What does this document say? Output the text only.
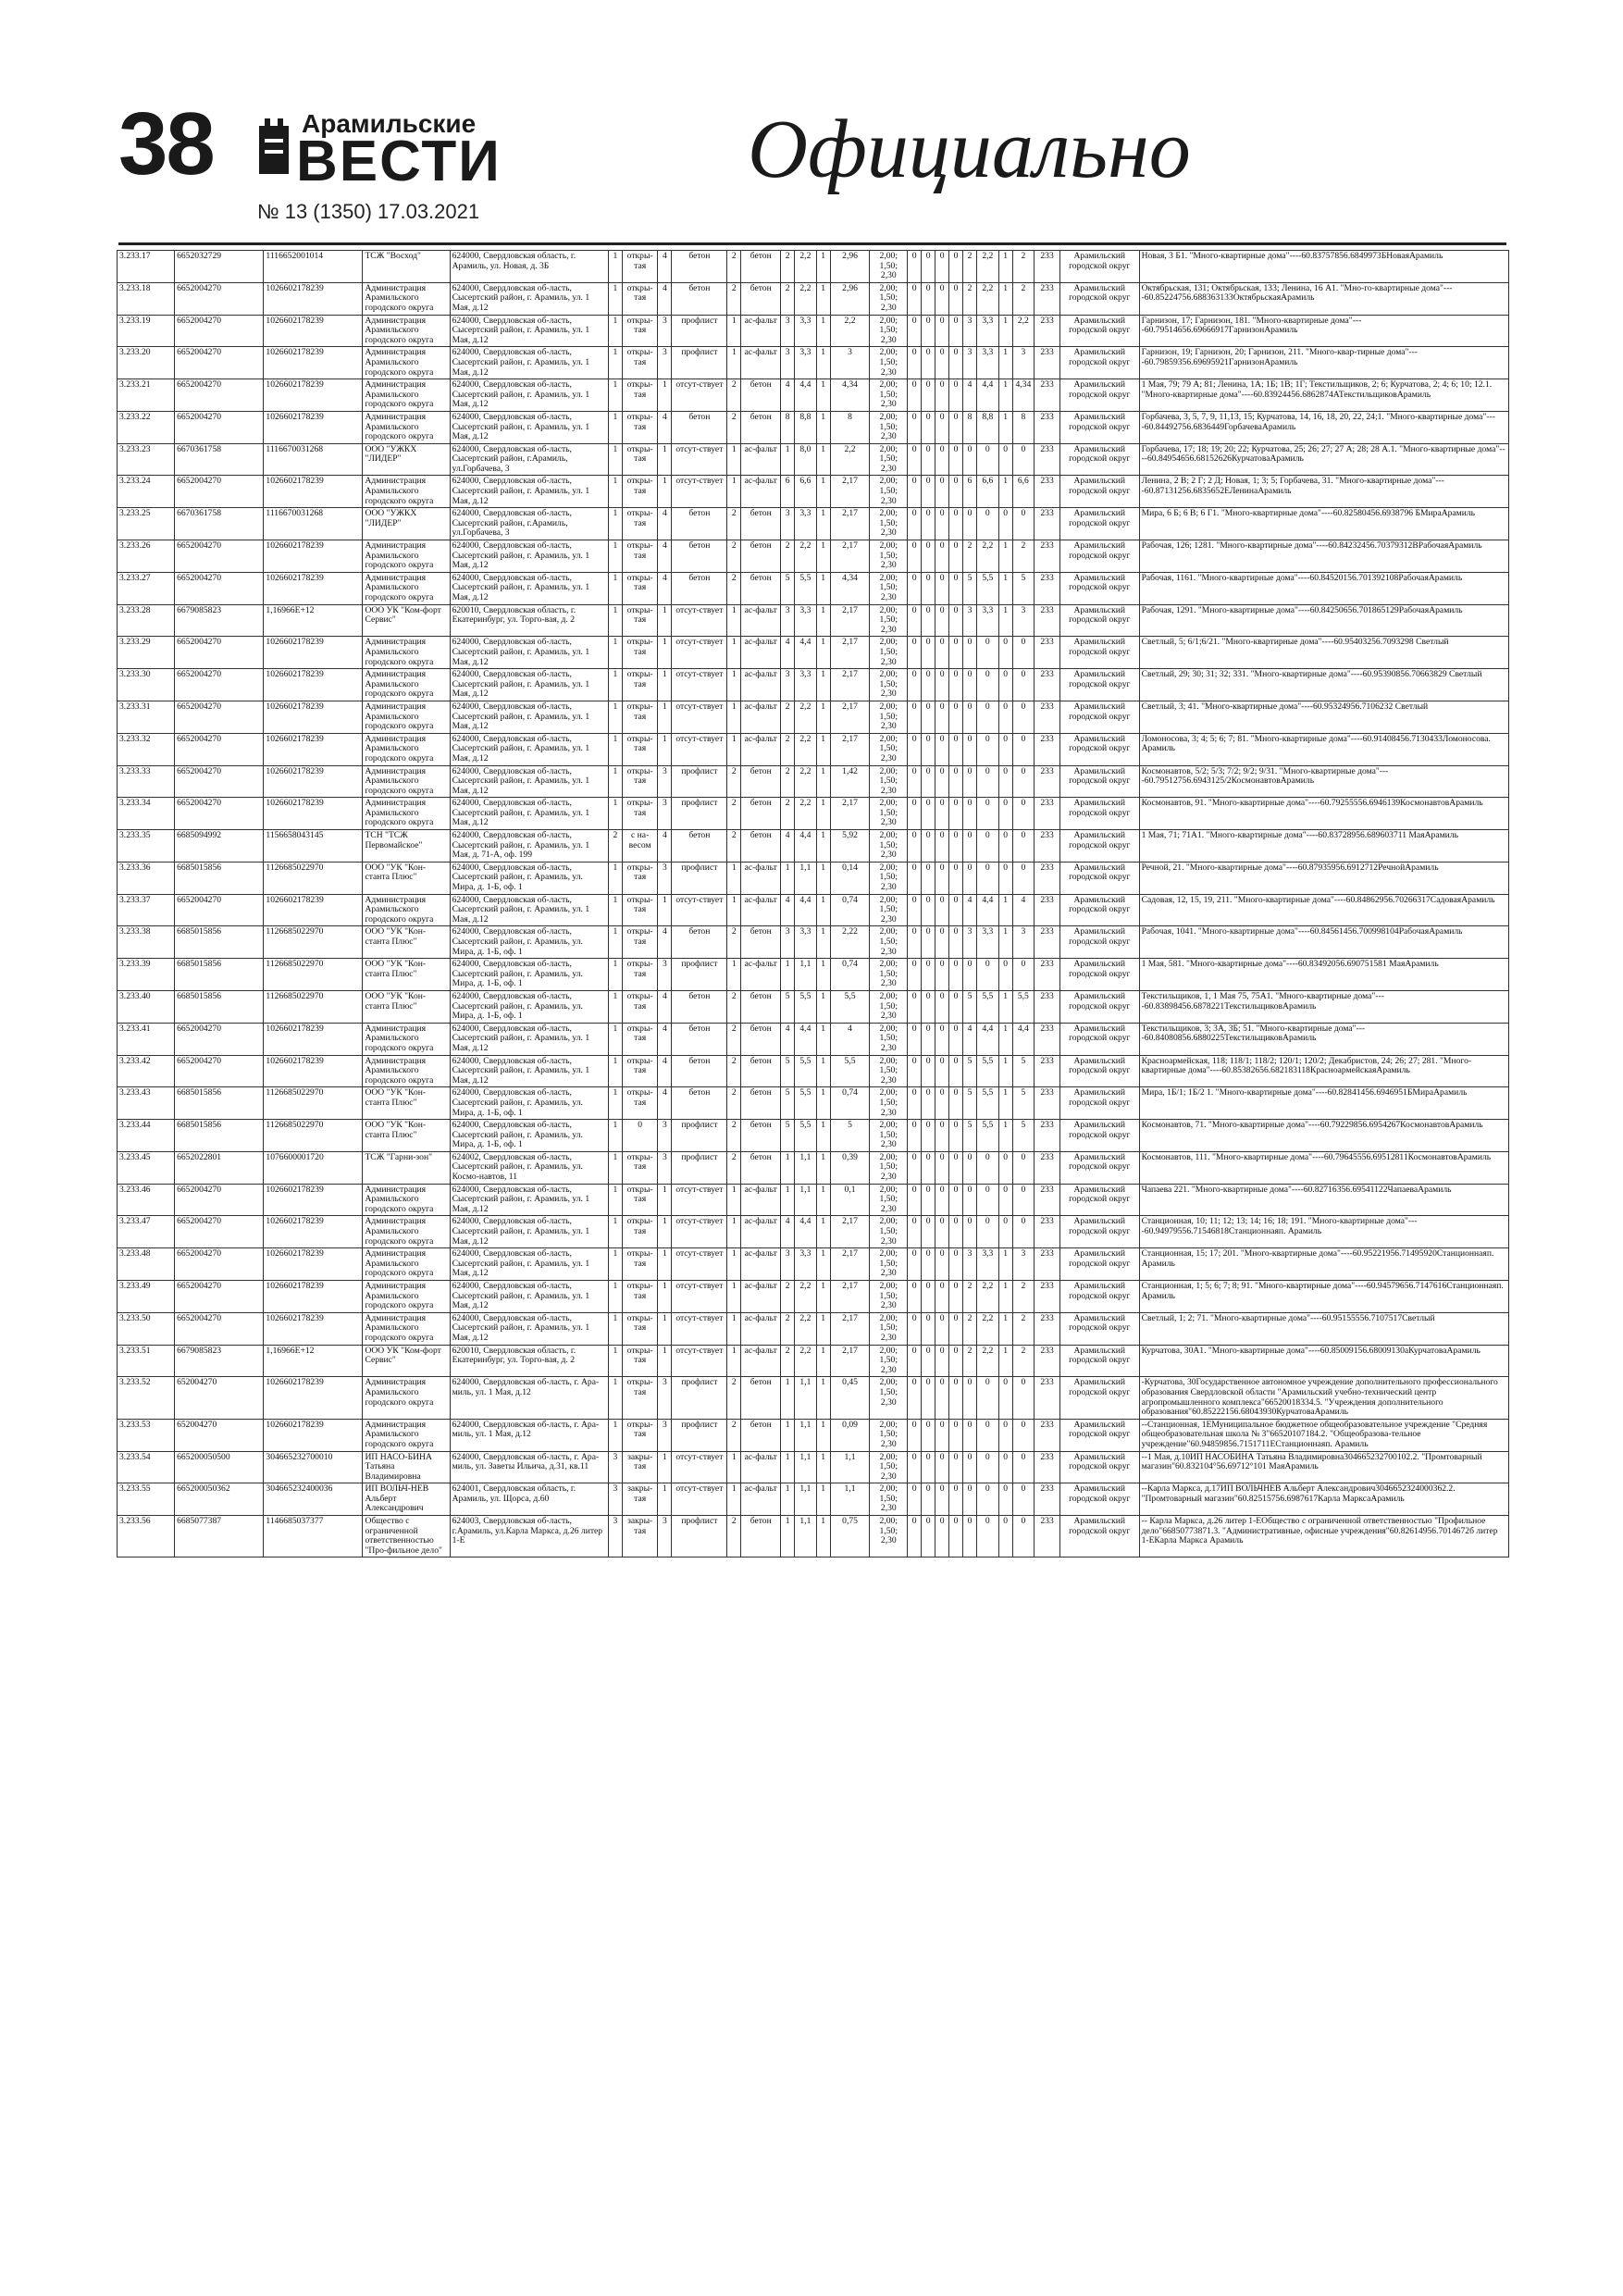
38	Арамильские
ВЕСТИ
№ 13 (1350) 17.03.2021
Официально
3.233.17	6652032729	1116652001014	ТСЖ "Восход"	624000, Свердловская область, г. Арамиль, ул. Новая, д. 3Б	1	откры-тая	4	бетон	2	бетон	2	2,2	1	2,96	2,00; 1,50; 2,30	0	0	0	0	2	2,2	1	2	233	Арамильский городской округ	Новая, 3 Б1. "Много-квартирные дома"----60.83757856.6849973БНоваяАрамиль
3.233.18	6652004270	1026602178239	Администрация Арамильского городского округа	624000, Свердловская об-ласть, Сысертский район, г. Арамиль, ул. 1 Мая, д.12	1	откры-тая	4	бетон	2	бетон	2	2,2	1	2,96	2,00; 1,50; 2,30	0	0	0	0	2	2,2	1	2	233	Арамильский городской округ	Октябрьская, 131; Октябрьская, 133; Ленина, 16 А1. "Мно-го-квартирные дома"----60.85224756.688363133ОктябрьскаяАрамиль
3.233.19	6652004270	1026602178239	Администрация Арамильского городского округа	624000, Свердловская об-ласть, Сысертский район, г. Арамиль, ул. 1 Мая, д.12	1	откры-тая	3	профлист	1	ас-фальт	3	3,3	1	2,2	2,00; 1,50; 2,30	0	0	0	0	3	3,3	1	2,2	233	Арамильский городской округ	Гарнизон, 17; Гарнизон, 181. "Много-квартирные дома"----60.79514656.69666917ГарнизонАрамиль
3.233.20	6652004270	1026602178239	Администрация Арамильского городского округа	624000, Свердловская об-ласть, Сысертский район, г. Арамиль, ул. 1 Мая, д.12	1	откры-тая	3	профлист	1	ас-фальт	3	3,3	1	3	2,00; 1,50; 2,30	0	0	0	0	3	3,3	1	3	233	Арамильский городской округ	Гарнизон, 19; Гарнизон, 20; Гарнизон, 211. "Много-квар-тирные дома"----60.79859356.69695921ГарнизонАрамиль
3.233.21	6652004270	1026602178239	Администрация Арамильского городского округа	624000, Свердловская об-ласть, Сысертский район, г. Арамиль, ул. 1 Мая, д.12	1	откры-тая	1	отсут-ствует	2	бетон	4	4,4	1	4,34	2,00; 1,50; 2,30	0	0	0	0	4	4,4	1	4,34	233	Арамильский городской округ	1 Мая, 79; 79 А; 81; Ленина, 1А; 1Б; 1В; 1Г; Текстильщиков, 2; 6; Курчатова, 2; 4; 6; 10; 12.1. "Много-квартирные дома"----60.83924456.6862874АТекстильщиковАрамиль
3.233.22	6652004270	1026602178239	Администрация Арамильского городского округа	624000, Свердловская об-ласть, Сысертский район, г. Арамиль, ул. 1 Мая, д.12	1	откры-тая	4	бетон	2	бетон	8	8,8	1	8	2,00; 1,50; 2,30	0	0	0	0	8	8,8	1	8	233	Арамильский городской округ	Горбачева, 3, 5, 7, 9, 11,13, 15; Курчатова, 14, 16, 18, 20, 22, 24;1. "Много-квартирные дома"----60.84492756.6836449ГорбачеваАрамиль
3.233.23	6670361758	1116670031268	ООО "УЖКХ "ЛИДЕР"	624000, Свердловская об-ласть, Сысертский район, г.Арамиль, ул.Горбачева, 3	1	откры-тая	1	отсут-ствует	1	ас-фальт	1	8,0	1	2,2	2,00; 1,50; 2,30	0	0	0	0	0	0	0	0	233	Арамильский городской округ	Горбачева, 17; 18; 19; 20; 22; Курчатова, 25; 26; 27; 27 А; 28; 28 А.1. "Много-квартирные дома"----60.84954656.68152626КурчатоваАрамиль
3.233.24	6652004270	1026602178239	Администрация Арамильского городского округа	624000, Свердловская об-ласть, Сысертский район, г. Арамиль, ул. 1 Мая, д.12	1	откры-тая	1	отсут-ствует	1	ас-фальт	6	6,6	1	2,17	2,00; 1,50; 2,30	0	0	0	0	6	6,6	1	6,6	233	Арамильский городской округ	Ленина, 2 В; 2 Г; 2 Д; Новая, 1; 3; 5; Горбачева, 31. "Много-квартирные дома"----60.87131256.6835652ЕЛенинаАрамиль
3.233.25	6670361758	1116670031268	ООО "УЖКХ "ЛИДЕР"	624000, Свердловская об-ласть, Сысертский район, г.Арамиль, ул.Горбачева, 3	1	откры-тая	4	бетон	2	бетон	3	3,3	1	2,17	2,00; 1,50; 2,30	0	0	0	0	0	0	0	0	233	Арамильский городской округ	Мира, 6 Б; 6 В; 6 Г1. "Много-квартирные дома"----60.82580456.6938796 БМираАрамиль
3.233.26	6652004270	1026602178239	Администрация Арамильского городского округа	624000, Свердловская об-ласть, Сысертский район, г. Арамиль, ул. 1 Мая, д.12	1	откры-тая	4	бетон	2	бетон	2	2,2	1	2,17	2,00; 1,50; 2,30	0	0	0	0	2	2,2	1	2	233	Арамильский городской округ	Рабочая, 126; 1281. "Много-квартирные дома"----60.84232456.70379312ВРабочаяАрамиль
3.233.27	6652004270	1026602178239	Администрация Арамильского городского округа	624000, Свердловская об-ласть, Сысертский район, г. Арамиль, ул. 1 Мая, д.12	1	откры-тая	4	бетон	2	бетон	5	5,5	1	4,34	2,00; 1,50; 2,30	0	0	0	0	5	5,5	1	5	233	Арамильский городской округ	Рабочая, 1161. "Много-квартирные дома"----60.84520156.701392108РабочаяАрамиль
3.233.28	6679085823	1,16966E+12	ООО УК "Ком-форт Сервис"	620010, Свердловская область, г. Екатеринбург, ул. Торго-вая, д. 2	1	откры-тая	1	отсут-ствует	1	ас-фальт	3	3,3	1	2,17	2,00; 1,50; 2,30	0	0	0	0	3	3,3	1	3	233	Арамильский городской округ	Рабочая, 1291. "Много-квартирные дома"----60.84250656.701865129РабочаяАрамиль
3.233.29	6652004270	1026602178239	Администрация Арамильского городского округа	624000, Свердловская об-ласть, Сысертский район, г. Арамиль, ул. 1 Мая, д.12	1	откры-тая	1	отсут-ствует	1	ас-фальт	4	4,4	1	2,17	2,00; 1,50; 2,30	0	0	0	0	0	0	0	0	233	Арамильский городской округ	Светлый, 5; 6/1;6/21. "Много-квартирные дома"----60.95403256.7093298 Светлый
3.233.30	6652004270	1026602178239	Администрация Арамильского городского округа	624000, Свердловская об-ласть, Сысертский район, г. Арамиль, ул. 1 Мая, д.12	1	откры-тая	1	отсут-ствует	1	ас-фальт	3	3,3	1	2,17	2,00; 1,50; 2,30	0	0	0	0	0	0	0	0	233	Арамильский городской округ	Светлый, 29; 30; 31; 32; 331. "Много-квартирные дома"----60.95390856.70663829 Светлый
3.233.31	6652004270	1026602178239	Администрация Арамильского городского округа	624000, Свердловская об-ласть, Сысертский район, г. Арамиль, ул. 1 Мая, д.12	1	откры-тая	1	отсут-ствует	1	ас-фальт	2	2,2	1	2,17	2,00; 1,50; 2,30	0	0	0	0	0	0	0	0	233	Арамильский городской округ	Светлый, 3; 41. "Много-квартирные дома"----60.95324956.7106232 Светлый
3.233.32	6652004270	1026602178239	Администрация Арамильского городского округа	624000, Свердловская об-ласть, Сысертский район, г. Арамиль, ул. 1 Мая, д.12	1	откры-тая	1	отсут-ствует	1	ас-фальт	2	2,2	1	2,17	2,00; 1,50; 2,30	0	0	0	0	0	0	0	0	233	Арамильский городской округ	Ломоносова, 3; 4; 5; 6; 7; 81. "Много-квартирные дома"----60.91408456.7130433Ломоносова. Арамиль
3.233.33	6652004270	1026602178239	Администрация Арамильского городского округа	624000, Свердловская об-ласть, Сысертский район, г. Арамиль, ул. 1 Мая, д.12	1	откры-тая	3	профлист	2	бетон	2	2,2	1	1,42	2,00; 1,50; 2,30	0	0	0	0	0	0	0	0	233	Арамильский городской округ	Космонавтов, 5/2; 5/3; 7/2; 9/2; 9/31. "Много-квартирные дома"----60.79512756.6943125/2КосмонавтовАрамиль
3.233.34	6652004270	1026602178239	Администрация Арамильского городского округа	624000, Свердловская об-ласть, Сысертский район, г. Арамиль, ул. 1 Мая, д.12	1	откры-тая	3	профлист	2	бетон	2	2,2	1	2,17	2,00; 1,50; 2,30	0	0	0	0	0	0	0	0	233	Арамильский городской округ	Космонавтов, 91. "Много-квартирные дома"----60.79255556.6946139КосмонавтовАрамиль
3.233.35	6685094992	1156658043145	ТСН "ТСЖ Первомайское"	624000, Свердловская об-ласть, Сысертский район, г. Арамиль, ул. 1 Мая, д. 71-А, оф. 199	2	с на-весом	4	бетон	2	бетон	4	4,4	1	5,92	2,00; 1,50; 2,30	0	0	0	0	0	0	0	0	233	Арамильский городской округ	1 Мая, 71; 71А1. "Много-квартирные дома"----60.83728956.689603711 МаяАрамиль
3.233.36	6685015856	1126685022970	ООО "УК "Кон-станта Плюс"	624000, Свердловская об-ласть, Сысертский район, г. Арамиль, ул. Мира, д. 1-Б, оф. 1	1	откры-тая	3	профлист	1	ас-фальт	1	1,1	1	0,14	2,00; 1,50; 2,30	0	0	0	0	0	0	0	0	233	Арамильский городской округ	Речной, 21. "Много-квартирные дома"----60.87935956.6912712РечнойАрамиль
3.233.37	6652004270	1026602178239	Администрация Арамильского городского округа	624000, Свердловская об-ласть, Сысертский район, г. Арамиль, ул. 1 Мая, д.12	1	откры-тая	1	отсут-ствует	1	ас-фальт	4	4,4	1	0,74	2,00; 1,50; 2,30	0	0	0	0	4	4,4	1	4	233	Арамильский городской округ	Садовая, 12, 15, 19, 211. "Много-квартирные дома"----60.84862956.70266317СадоваяАрамиль
3.233.38	6685015856	1126685022970	ООО "УК "Кон-станта Плюс"	624000, Свердловская об-ласть, Сысертский район, г. Арамиль, ул. Мира, д. 1-Б, оф. 1	1	откры-тая	4	бетон	2	бетон	3	3,3	1	2,22	2,00; 1,50; 2,30	0	0	0	0	3	3,3	1	3	233	Арамильский городской округ	Рабочая, 1041. "Много-квартирные дома"----60.84561456.700998104РабочаяАрамиль
3.233.39	6685015856	1126685022970	ООО "УК "Кон-станта Плюс"	624000, Свердловская об-ласть, Сысертский район, г. Арамиль, ул. Мира, д. 1-Б, оф. 1	1	откры-тая	3	профлист	1	ас-фальт	1	1,1	1	0,74	2,00; 1,50; 2,30	0	0	0	0	0	0	0	0	233	Арамильский городской округ	1 Мая, 581. "Много-квартирные дома"----60.83492056.690751581 МаяАрамиль
3.233.40	6685015856	1126685022970	ООО "УК "Кон-станта Плюс"	624000, Свердловская об-ласть, Сысертский район, г. Арамиль, ул. Мира, д. 1-Б, оф. 1	1	откры-тая	4	бетон	2	бетон	5	5,5	1	5,5	2,00; 1,50; 2,30	0	0	0	0	5	5,5	1	5,5	233	Арамильский городской округ	Текстильщиков, 1, 1 Мая 75, 75А1. "Много-квартирные дома"----60.83898456.6878221ТекстильщиковАрамиль
3.233.41	6652004270	1026602178239	Администрация Арамильского городского округа	624000, Свердловская об-ласть, Сысертский район, г. Арамиль, ул. 1 Мая, д.12	1	откры-тая	4	бетон	2	бетон	4	4,4	1	4	2,00; 1,50; 2,30	0	0	0	0	4	4,4	1	4,4	233	Арамильский городской округ	Текстильщиков, 3; 3А, 3Б; 51. "Много-квартирные дома"----60.84080856.6880225ТекстильщиковАрамиль
3.233.42	6652004270	1026602178239	Администрация Арамильского городского округа	624000, Свердловская об-ласть, Сысертский район, г. Арамиль, ул. 1 Мая, д.12	1	откры-тая	4	бетон	2	бетон	5	5,5	1	5,5	2,00; 1,50; 2,30	0	0	0	0	5	5,5	1	5	233	Арамильский городской округ	Красноармейская, 118; 118/1; 118/2; 120/1; 120/2; Декабристов, 24; 26; 27; 281. "Много-квартирные дома"----60.85382656.682183118КрасноармейскаяАрамиль
3.233.43	6685015856	1126685022970	ООО "УК "Кон-станта Плюс"	624000, Свердловская об-ласть, Сысертский район, г. Арамиль, ул. Мира, д. 1-Б, оф. 1	1	откры-тая	4	бетон	2	бетон	5	5,5	1	0,74	2,00; 1,50; 2,30	0	0	0	0	5	5,5	1	5	233	Арамильский городской округ	Мира, 1Б/1; 1Б/2 1. "Много-квартирные дома"----60.82841456.6946951БМираАрамиль
3.233.44	6685015856	1126685022970	ООО "УК "Кон-станта Плюс"	624000, Свердловская об-ласть, Сысертский район, г. Арамиль, ул. Мира, д. 1-Б, оф. 1	1	0	3	профлист	2	бетон	5	5,5	1	5	2,00; 1,50; 2,30	0	0	0	0	5	5,5	1	5	233	Арамильский городской округ	Космонавтов, 71. "Много-квартирные дома"----60.79229856.6954267КосмонавтовАрамиль
3.233.45	6652022801	1076600001720	ТСЖ "Гарни-зон"	624002, Свердловская об-ласть, Сысертский район, г. Арамиль, ул. Космо-навтов, 11	1	откры-тая	3	профлист	2	бетон	1	1,1	1	0,39	2,00; 1,50; 2,30	0	0	0	0	0	0	0	0	233	Арамильский городской округ	Космонавтов, 111. "Много-квартирные дома"----60.79645556.69512811КосмонавтовАрамиль
3.233.46	6652004270	1026602178239	Администрация Арамильского городского округа	624000, Свердловская об-ласть, Сысертский район, г. Арамиль, ул. 1 Мая, д.12	1	откры-тая	1	отсут-ствует	1	ас-фальт	1	1,1	1	0,1	2,00; 1,50; 2,30	0	0	0	0	0	0	0	0	233	Арамильский городской округ	Чапаева 221. "Много-квартирные дома"----60.82716356.69541122ЧапаеваАрамиль
3.233.47	6652004270	1026602178239	Администрация Арамильского городского округа	624000, Свердловская об-ласть, Сысертский район, г. Арамиль, ул. 1 Мая, д.12	1	откры-тая	1	отсут-ствует	1	ас-фальт	4	4,4	1	2,17	2,00; 1,50; 2,30	0	0	0	0	0	0	0	0	233	Арамильский городской округ	Станционная, 10; 11; 12; 13; 14; 16; 18; 191. "Много-квартирные дома"----60.94979556.71546818Станционнаяп. Арамиль
3.233.48	6652004270	1026602178239	Администрация Арамильского городского округа	624000, Свердловская об-ласть, Сысертский район, г. Арамиль, ул. 1 Мая, д.12	1	откры-тая	1	отсут-ствует	1	ас-фальт	3	3,3	1	2,17	2,00; 1,50; 2,30	0	0	0	0	3	3,3	1	3	233	Арамильский городской округ	Станционная, 15; 17; 201. "Много-квартирные дома"----60.95221956.71495920Станционнаяп. Арамиль
3.233.49	6652004270	1026602178239	Администрация Арамильского городского округа	624000, Свердловская об-ласть, Сысертский район, г. Арамиль, ул. 1 Мая, д.12	1	откры-тая	1	отсут-ствует	1	ас-фальт	2	2,2	1	2,17	2,00; 1,50; 2,30	0	0	0	0	2	2,2	1	2	233	Арамильский городской округ	Станционная, 1; 5; 6; 7; 8; 91. "Много-квартирные дома"----60.94579656.7147616Станционнаяп. Арамиль
3.233.50	6652004270	1026602178239	Администрация Арамильского городского округа	624000, Свердловская об-ласть, Сысертский район, г. Арамиль, ул. 1 Мая, д.12	1	откры-тая	1	отсут-ствует	1	ас-фальт	2	2,2	1	2,17	2,00; 1,50; 2,30	0	0	0	0	2	2,2	1	2	233	Арамильский городской округ	Светлый, 1; 2; 71. "Много-квартирные дома"----60.95155556.7107517Светлый
3.233.51	6679085823	1,16966E+12	ООО УК "Ком-форт Сервис"	620010, Свердловская область, г. Екатеринбург, ул. Торго-вая, д. 2	1	откры-тая	1	отсут-ствует	1	ас-фальт	2	2,2	1	2,17	2,00; 1,50; 2,30	0	0	0	0	2	2,2	1	2	233	Арамильский городской округ	Курчатова, 30А1. "Много-квартирные дома"----60.85009156.68009130аКурчатоваАрамиль
3.233.52	652004270	1026602178239	Администрация Арамильского городского округа	624000, Свердловская об-ласть, г. Ара-миль, ул. 1 Мая, д.12	1	откры-тая	3	профлист	2	бетон	1	1,1	1	0,45	2,00; 1,50; 2,30	0	0	0	0	0	0	0	0	233	Арамильский городской округ	-Курчатова, 30Государственное автономное учреждение дополнительного профессионального образования Свердловской области "Арамильский учебно-технический центр агропромышленного комплекса"66520018334.5. "Учреждения дополнительного образования"60.85222156.68043930КурчатоваАрамиль
3.233.53	652004270	1026602178239	Администрация Арамильского городского округа	624000, Свердловская об-ласть, г. Ара-миль, ул. 1 Мая, д.12	1	откры-тая	3	профлист	2	бетон	1	1,1	1	0,09	2,00; 1,50; 2,30	0	0	0	0	0	0	0	0	233	Арамильский городской округ	--Станционная, 1ЕМуниципальное бюджетное общеобразовательное учреждение "Средняя общеобразовательная школа № 3"66520107184.2. "Общеобразова-тельное учреждение"60.94859856.7151711ЕСтанционнаяп. Арамиль
3.233.54	665200050500	304665232700010	ИП НАСО-БИНА Татьяна Владимировна	624000, Свердловская об-ласть, г. Ара-миль, ул. Заветы Ильича, д.31, кв.11	3	закры-тая	1	отсут-ствует	1	ас-фальт	1	1,1	1	1,1	2,00; 1,50; 2,30	0	0	0	0	0	0	0	0	233	Арамильский городской округ	--1 Мая, д.10ИП НАСОБИНА Татьяна Владимировна304665232700102.2. "Промтоварный магазин"60.832104°56.69712°101 МаяАрамиль
3.233.55	665200050362	304665232400036	ИП ВОЛЬЧ-НЕВ Альберт Александрович	624001, Свердловская область, г. Арамиль, ул. Щорса, д.60	3	закры-тая	1	отсут-ствует	1	ас-фальт	1	1,1	1	1,1	2,00; 1,50; 2,30	0	0	0	0	0	0	0	0	233	Арамильский городской округ	--Карла Маркса, д.17ИП ВОЛЬЧНЕВ Альберт Александрович3046652324000362.2. "Промтоварный магазин"60.82515756.6987617Карла МарксаАрамиль
3.233.56	6685077387	1146685037377	Общество с ограниченной ответственностью "Про-фильное дело"	624003, Свердловская об-ласть, г.Арамиль, ул.Карла Маркса, д.26 литер 1-Е	3	закры-тая	3	профлист	2	бетон	1	1,1	1	0,75	2,00; 1,50; 2,30	0	0	0	0	0	0	0	0	233	Арамильский городской округ	-- Карла Маркса, д.26 литер 1-ЕОбщество с ограниченной ответственностью "Профильное дело"66850773871.3. "Административные, офисные учреждения"60.82614956.7014672б литер 1-ЕКарла Маркса Арамиль
